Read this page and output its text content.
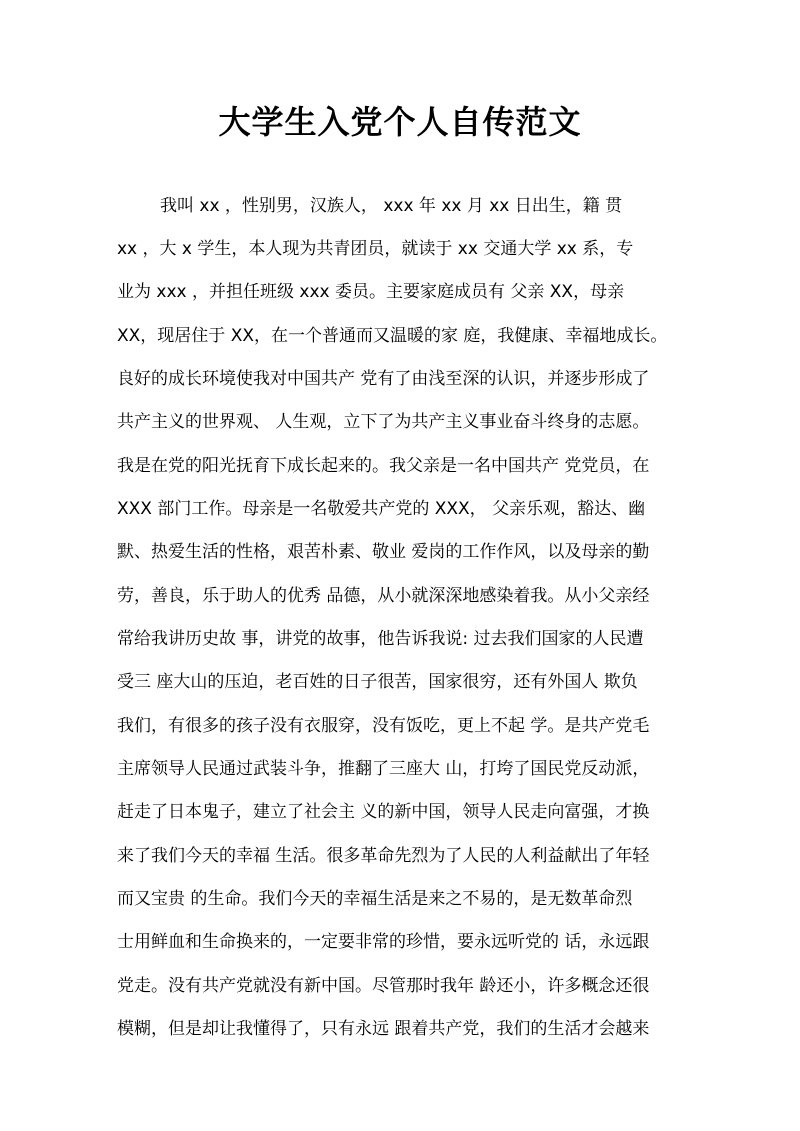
大学生入党个人自传范文
我叫 xx ，性别男，汉族人， xxx 年 xx 月 xx 日出生，籍 贯
xx ，大 x 学生，本人现为共青团员，就读于 xx 交通大学 xx 系，专
业为 xxx ，并担任班级 xxx 委员。主要家庭成员有 父亲 XX，母亲
XX，现居住于 XX，在一个普通而又温暖的家 庭，我健康、幸福地成长。
良好的成长环境使我对中国共产 党有了由浅至深的认识，并逐步形成了
共产主义的世界观、 人生观，立下了为共产主义事业奋斗终身的志愿。
我是在党的阳光抚育下成长起来的。我父亲是一名中国共产 党党员，在
XXX 部门工作。母亲是一名敬爱共产党的 XXX， 父亲乐观，豁达、幽
默、热爱生活的性格，艰苦朴素、敬业 爱岗的工作作风，以及母亲的勤
劳，善良，乐于助人的优秀 品德，从小就深深地感染着我。从小父亲经
常给我讲历史故 事，讲党的故事，他告诉我说: 过去我们国家的人民遭
受三 座大山的压迫，老百姓的日子很苦，国家很穷，还有外国人 欺负
我们，有很多的孩子没有衣服穿，没有饭吃，更上不起 学。是共产党毛
主席领导人民通过武装斗争，推翻了三座大 山，打垮了国民党反动派，
赶走了日本鬼子，建立了社会主 义的新中国，领导人民走向富强，才换
来了我们今天的幸福 生活。很多革命先烈为了人民的人利益献出了年轻
而又宝贵 的生命。我们今天的幸福生活是来之不易的，是无数革命烈
士用鲜血和生命换来的，一定要非常的珍惜，要永远听党的 话，永远跟
党走。没有共产党就没有新中国。尽管那时我年 龄还小，许多概念还很
模糊，但是却让我懂得了，只有永远 跟着共产党，我们的生活才会越来
